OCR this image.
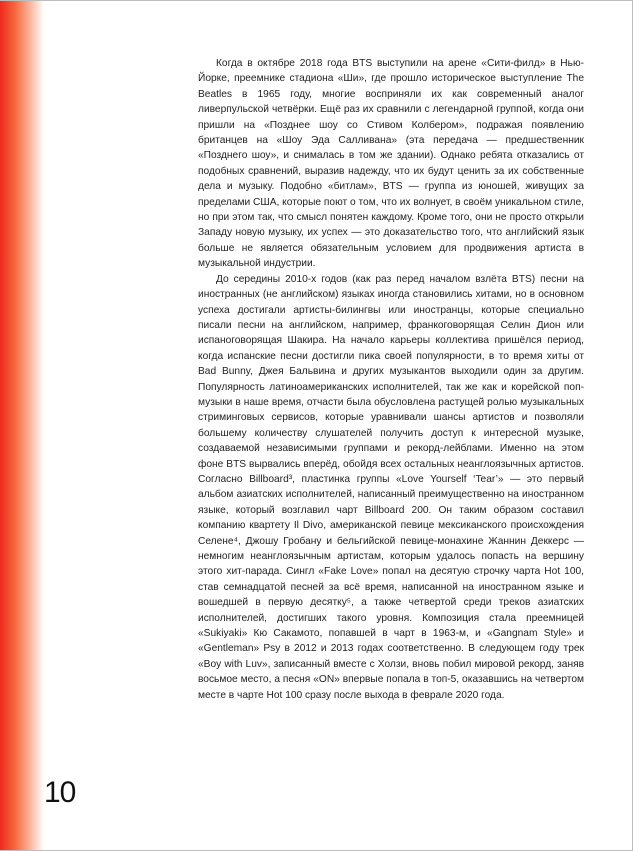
Когда в октябре 2018 года BTS выступили на арене «Сити-филд» в Нью-Йорке, преемнике стадиона «Ши», где прошло историческое выступление The Beatles в 1965 году, многие восприняли их как современный аналог ливерпульской четвёрки. Ещё раз их сравнили с легендарной группой, когда они пришли на «Позднее шоу со Стивом Колбером», подражая появлению британцев на «Шоу Эда Салливана» (эта передача — предшественник «Позднего шоу», и снималась в том же здании). Однако ребята отказались от подобных сравнений, выразив надежду, что их будут ценить за их собственные дела и музыку. Подобно «битлам», BTS — группа из юношей, живущих за пределами США, которые поют о том, что их волнует, в своём уникальном стиле, но при этом так, что смысл понятен каждому. Кроме того, они не просто открыли Западу новую музыку, их успех — это доказательство того, что английский язык больше не является обязательным условием для продвижения артиста в музыкальной индустрии.

До середины 2010-х годов (как раз перед началом взлёта BTS) песни на иностранных (не английском) языках иногда становились хитами, но в основном успеха достигали артисты-билингвы или иностранцы, которые специально писали песни на английском, например, франкоговорящая Селин Дион или испаноговорящая Шакира. На начало карьеры коллектива пришёлся период, когда испанские песни достигли пика своей популярности, в то время хиты от Bad Bunny, Джея Бальвина и других музыкантов выходили один за другим. Популярность латиноамериканских исполнителей, так же как и корейской поп-музыки в наше время, отчасти была обусловлена растущей ролью музыкальных стриминговых сервисов, которые уравнивали шансы артистов и позволяли большему количеству слушателей получить доступ к интересной музыке, создаваемой независимыми группами и рекорд-лейблами. Именно на этом фоне BTS вырвались вперёд, обойдя всех остальных неанглоязычных артистов. Согласно Billboard³, пластинка группы «Love Yourself ‘Tear’» — это первый альбом азиатских исполнителей, написанный преимущественно на иностранном языке, который возглавил чарт Billboard 200. Он таким образом составил компанию квартету Il Divo, американской певице мексиканского происхождения Селене⁴, Джошу Гробану и бельгийской певице-монахине Жаннин Деккерс — немногим неанглоязычным артистам, которым удалось попасть на вершину этого хит-парада. Сингл «Fake Love» попал на десятую строчку чарта Hot 100, став семнадцатой песней за всё время, написанной на иностранном языке и вошедшей в первую десятку⁵, а также четвертой среди треков азиатских исполнителей, достигших такого уровня. Композиция стала преемницей «Sukiyaki» Кю Сакамото, попавшей в чарт в 1963-м, и «Gangnam Style» и «Gentleman» Psy в 2012 и 2013 годах соответственно. В следующем году трек «Boy with Luv», записанный вместе с Холзи, вновь побил мировой рекорд, заняв восьмое место, а песня «ON» впервые попала в топ-5, оказавшись на четвертом месте в чарте Hot 100 сразу после выхода в феврале 2020 года.

10
